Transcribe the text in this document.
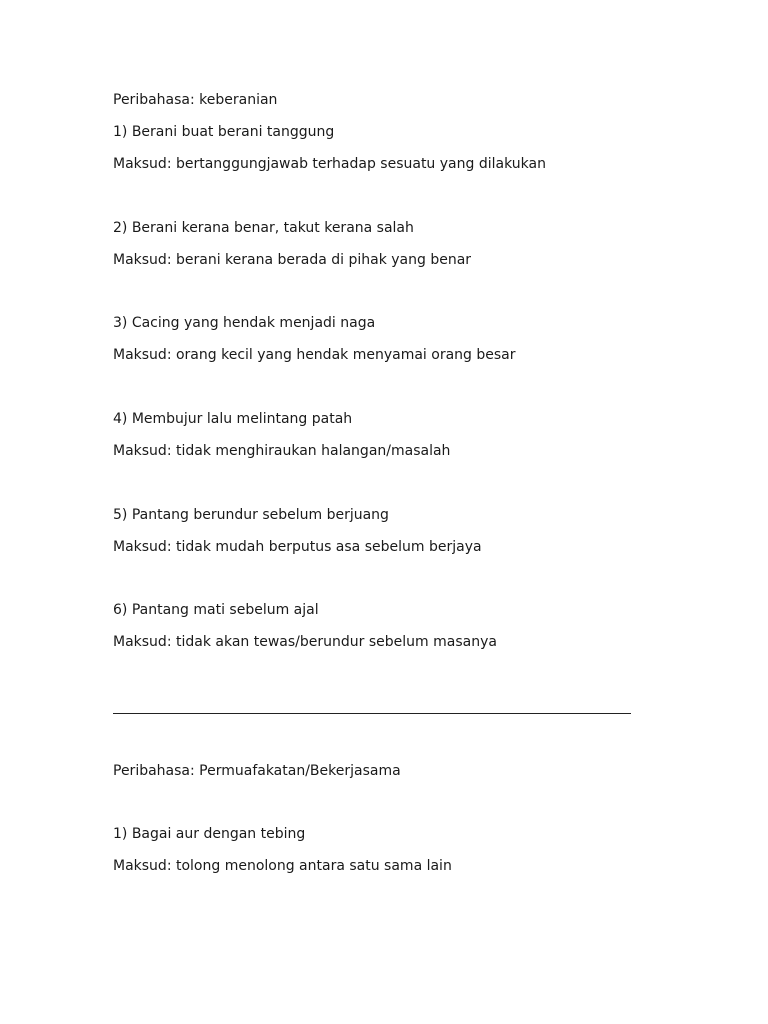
Peribahasa: keberanian
1) Berani buat berani tanggung
Maksud: bertanggungjawab terhadap sesuatu yang dilakukan
2) Berani kerana benar, takut kerana salah
Maksud: berani kerana berada di pihak yang benar
3) Cacing yang hendak menjadi naga
Maksud: orang kecil yang hendak menyamai orang besar
4) Membujur lalu melintang patah
Maksud: tidak menghiraukan halangan/masalah
5) Pantang berundur sebelum berjuang
Maksud: tidak mudah berputus asa sebelum berjaya
6) Pantang mati sebelum ajal
Maksud: tidak akan tewas/berundur sebelum masanya
Peribahasa: Permuafakatan/Bekerjasama
1) Bagai aur dengan tebing
Maksud: tolong menolong antara satu sama lain
